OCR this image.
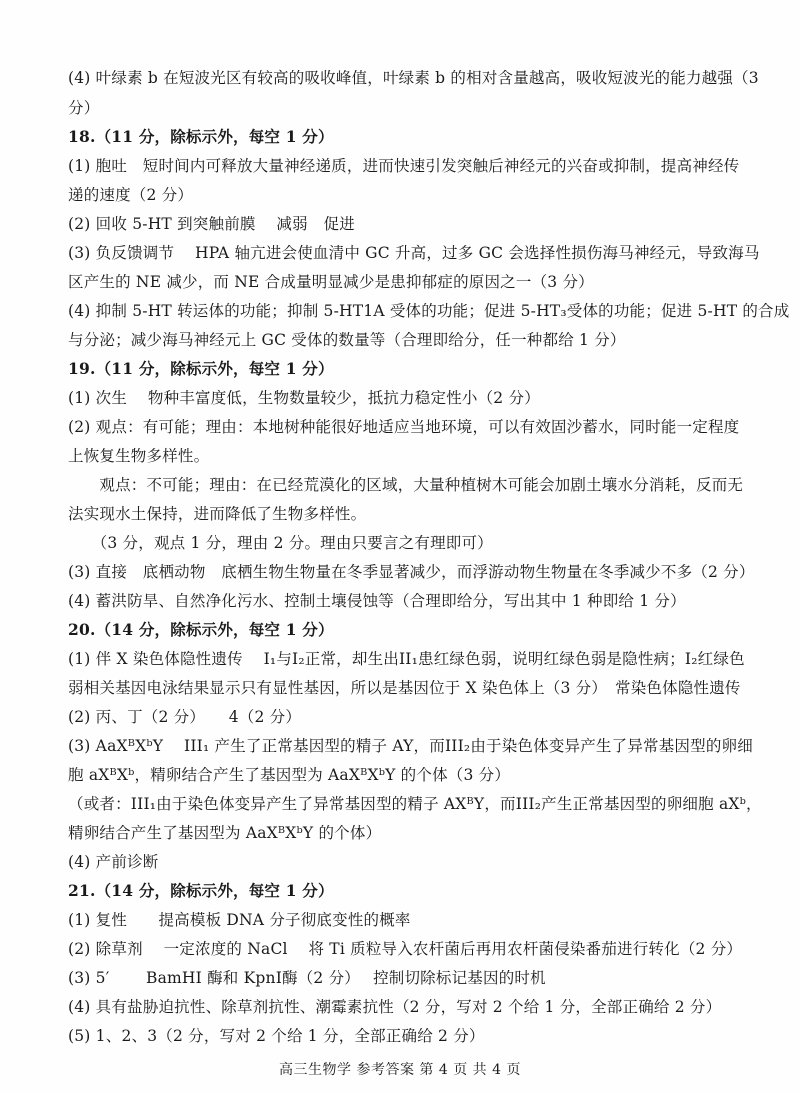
(4) 叶绿素 b 在短波光区有较高的吸收峰值，叶绿素 b 的相对含量越高，吸收短波光的能力越强（3
分）
18.（11 分，除标示外，每空 1 分）
(1) 胞吐　短时间内可释放大量神经递质，进而快速引发突触后神经元的兴奋或抑制，提高神经传
递的速度（2 分）
(2) 回收 5-HT 到突触前膜　 减弱　促进
(3) 负反馈调节　 HPA 轴亢进会使血清中 GC 升高，过多 GC 会选择性损伤海马神经元，导致海马
区产生的 NE 减少，而 NE 合成量明显减少是患抑郁症的原因之一（3 分）
(4) 抑制 5-HT 转运体的功能；抑制 5-HT1A 受体的功能；促进 5-HT₃受体的功能；促进 5-HT 的合成
与分泌；减少海马神经元上 GC 受体的数量等（合理即给分，任一种都给 1 分）
19.（11 分，除标示外，每空 1 分）
(1) 次生　 物种丰富度低，生物数量较少，抵抗力稳定性小（2 分）
(2) 观点：有可能；理由：本地树种能很好地适应当地环境，可以有效固沙蓄水，同时能一定程度
上恢复生物多样性。
　　观点：不可能；理由：在已经荒漠化的区域，大量种植树木可能会加剧土壤水分消耗，反而无
法实现水土保持，进而降低了生物多样性。
　　（3 分，观点 1 分，理由 2 分。理由只要言之有理即可）
(3) 直接　底栖动物　底栖生物生物量在冬季显著减少，而浮游动物生物量在冬季减少不多（2 分）
(4) 蓄洪防旱、自然净化污水、控制土壤侵蚀等（合理即给分，写出其中 1 种即给 1 分）
20.（14 分，除标示外，每空 1 分）
(1) 伴 X 染色体隐性遗传　 I₁与I₂正常，却生出II₁患红绿色弱，说明红绿色弱是隐性病；I₂红绿色
弱相关基因电泳结果显示只有显性基因，所以是基因位于 X 染色体上（3 分）　常染色体隐性遗传
(2) 丙、丁（2 分）　　4（2 分）
(3) AaXᴮXᵇY　 III₁ 产生了正常基因型的精子 AY，而III₂由于染色体变异产生了异常基因型的卵细
胞 aXᴮXᵇ，精卵结合产生了基因型为 AaXᴮXᵇY 的个体（3 分）
（或者：III₁由于染色体变异产生了异常基因型的精子 AXᴮY，而III₂产生正常基因型的卵细胞 aXᵇ，
精卵结合产生了基因型为 AaXᴮXᵇY 的个体）
(4) 产前诊断
21.（14 分，除标示外，每空 1 分）
(1) 复性　　提高模板 DNA 分子彻底变性的概率
(2) 除草剂　 一定浓度的 NaCl　 将 Ti 质粒导入农杆菌后再用农杆菌侵染番茄进行转化（2 分）
(3) 5′　　 BamHI 酶和 KpnⅠ酶（2 分）　 控制切除标记基因的时机
(4) 具有盐胁迫抗性、除草剂抗性、潮霉素抗性（2 分，写对 2 个给 1 分，全部正确给 2 分）
(5) 1、2、3（2 分，写对 2 个给 1 分，全部正确给 2 分）
高三生物学 参考答案 第 4 页 共 4 页
